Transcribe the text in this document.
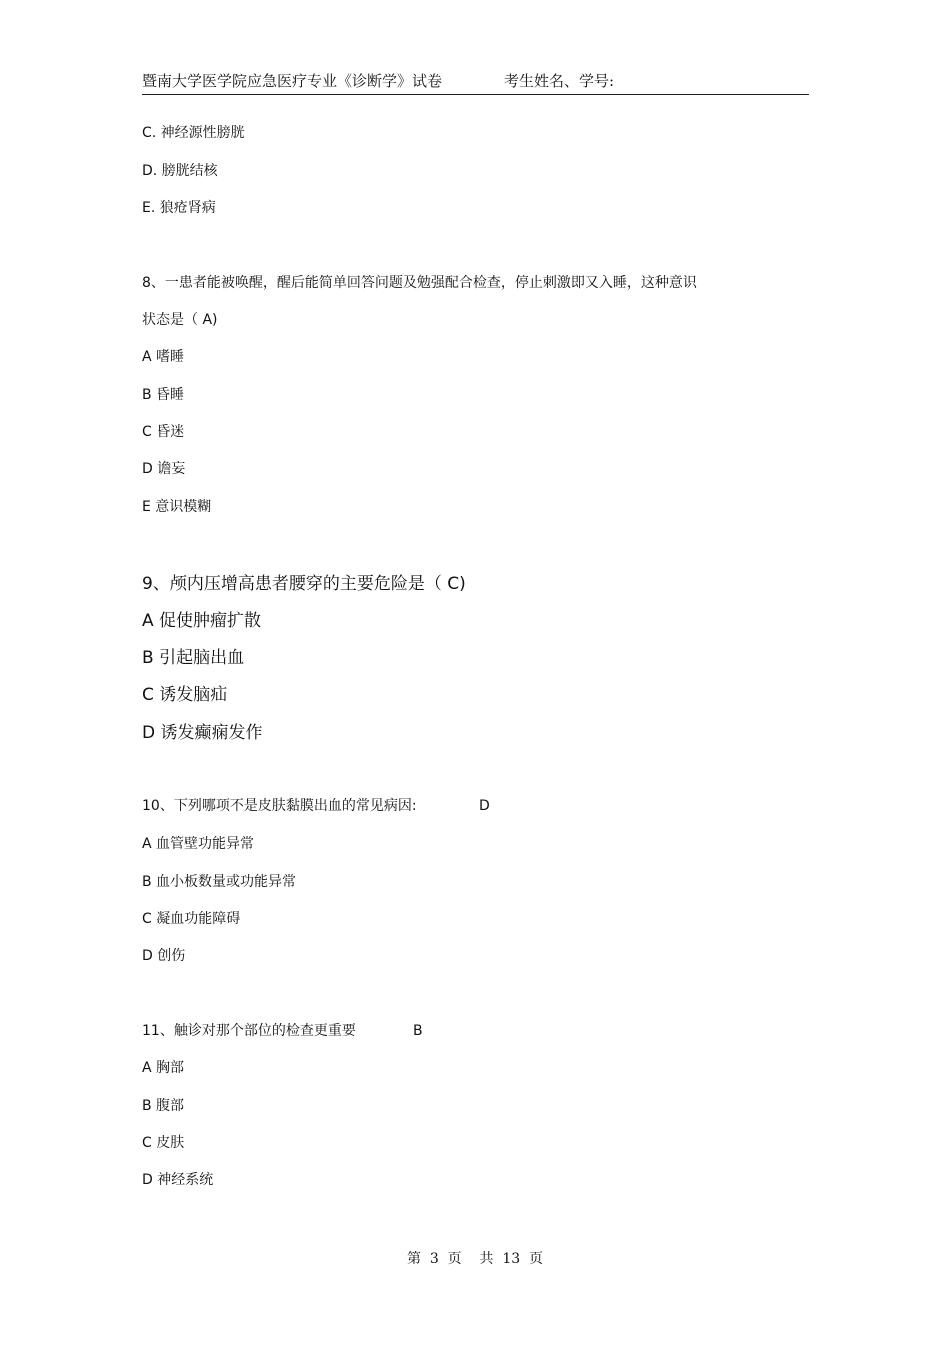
暨南大学医学院应急医疗专业《诊断学》试卷	考生姓名、学号:
C. 神经源性膀胱
D. 膀胱结核
E. 狼疮肾病
8、一患者能被唤醒，醒后能简单回答问题及勉强配合检查，停止刺激即又入睡，这种意识
状态是（ A)
A 嗜睡
B 昏睡
C 昏迷
D 谵妄
E 意识模糊
9、颅内压增高患者腰穿的主要危险是（ C)
A 促使肿瘤扩散
B 引起脑出血
C 诱发脑疝
D 诱发癫痫发作
10、下列哪项不是皮肤黏膜出血的常见病因:	D
A 血管壁功能异常
B 血小板数量或功能异常
C 凝血功能障碍
D 创伤
11、触诊对那个部位的检查更重要	B
A 胸部
B 腹部
C 皮肤
D 神经系统
第  3  页    共  13  页
